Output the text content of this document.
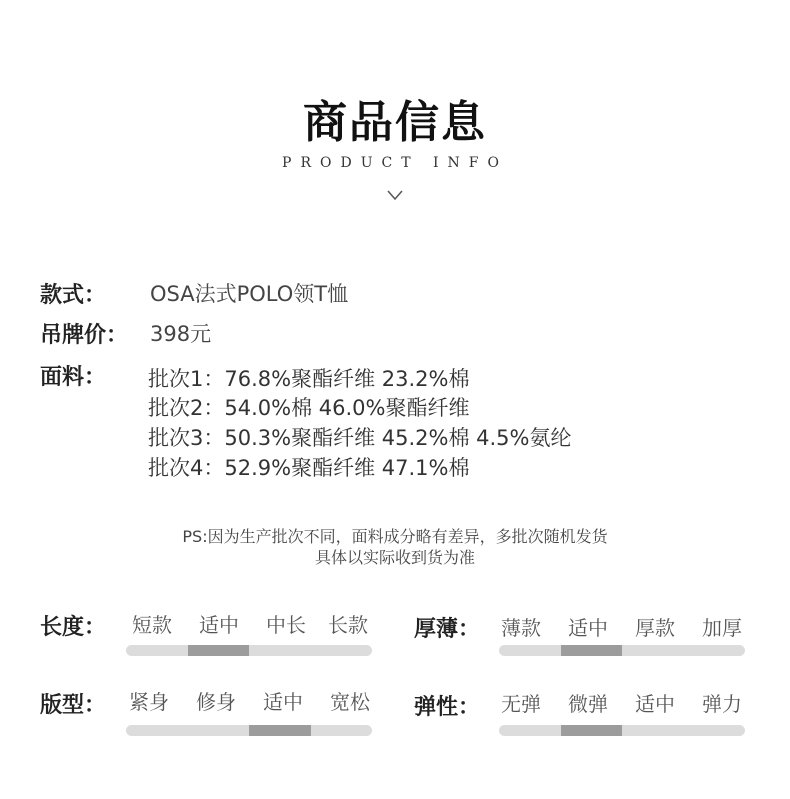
商品信息
PRODUCT INFO
款式： OSA法式POLO领T恤
吊牌价： 398元
面料： 批次1：76.8%聚酯纤维 23.2%棉
批次2：54.0%棉 46.0%聚酯纤维
批次3：50.3%聚酯纤维 45.2%棉 4.5%氨纶
批次4：52.9%聚酯纤维 47.1%棉
PS:因为生产批次不同，面料成分略有差异，多批次随机发货
具体以实际收到货为准
长度：	短款	适中	中长	长款	厚薄：	薄款	适中	厚款	加厚
版型：	紧身	修身	适中	宽松	弹性：	无弹	微弹	适中	弹力
